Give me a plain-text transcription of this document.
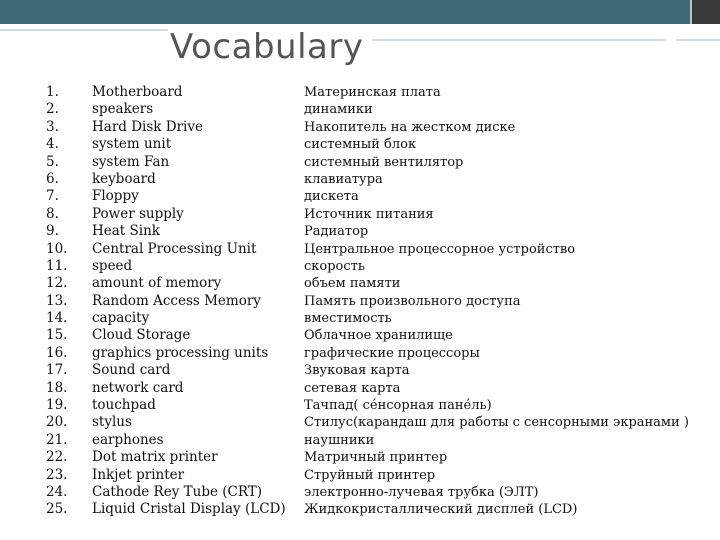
Vocabulary
1.	Motherboard	Материнская плата
2.	speakers	динамики
3.	Hard Disk Drive	Накопитель на жестком диске
4.	system unit	системный блок
5.	system Fan	системный вентилятор
6.	keyboard	клавиатура
7.	Floppy	дискета
8.	Power supply	Источник питания
9.	Heat Sink	Радиатор
10.	Central Processing Unit	Центральное процессорное устройство
11.	speed	скорость
12.	amount of memory	объем памяти
13.	Random Access Memory	Память произвольного доступа
14.	capacity	вместимость
15.	Cloud Storage	Облачное хранилище
16.	graphics processing units	графические процессоры
17.	Sound card	Звуковая карта
18.	network card	сетевая карта
19.	touchpad	Тачпад( се́нсорная пане́ль)
20.	stylus	Стилус(карандаш для работы с сенсорными экранами )
21.	earphones	наушники
22.	Dot matrix printer	Матричный принтер
23.	Inkjet printer	Струйный принтер
24.	Cathode Rey Tube (CRT)	электронно-лучевая трубка (ЭЛТ)
25.	Liquid Cristal Display (LCD) Жидкокристаллический дисплей (LCD)
